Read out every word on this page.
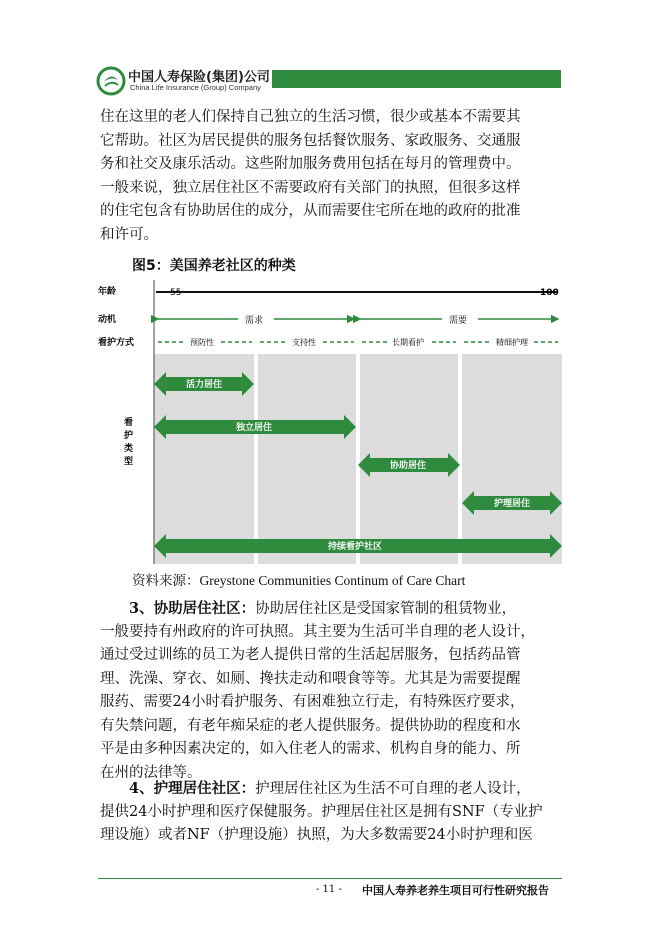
中国人寿保险(集团)公司
China Life Insurance (Group) Company
住在这里的老人们保持自己独立的生活习惯，很少或基本不需要其
它帮助。社区为居民提供的服务包括餐饮服务、家政服务、交通服
务和社交及康乐活动。这些附加服务费用包括在每月的管理费中。
一般来说，独立居住社区不需要政府有关部门的执照，但很多这样
的住宅包含有协助居住的成分，从而需要住宅所在地的政府的批准
和许可。
图5：美国养老社区的种类
年龄
动机
看护方式
看
护
类
型
55	100
需求	需要
预防性	支持性	长期看护	精细护理
活力居住
独立居住
协助居住
护理居住
持续看护社区
资料来源：Greystone Communities Continum of Care Chart
  3、协助居住社区：协助居住社区是受国家管制的租赁物业，
一般要持有州政府的许可执照。其主要为生活可半自理的老人设计，
通过受过训练的员工为老人提供日常的生活起居服务，包括药品管
理、洗澡、穿衣、如厕、搀扶走动和喂食等等。尤其是为需要提醒
服药、需要24小时看护服务、有困难独立行走，有特殊医疗要求，
有失禁问题，有老年痴呆症的老人提供服务。提供协助的程度和水
平是由多种因素决定的，如入住老人的需求、机构自身的能力、所
在州的法律等。
  4、护理居住社区：护理居住社区为生活不可自理的老人设计，
提供24小时护理和医疗保健服务。护理居住社区是拥有SNF（专业护
理设施）或者NF（护理设施）执照，为大多数需要24小时护理和医
- 11 - 中国人寿养老养生项目可行性研究报告
